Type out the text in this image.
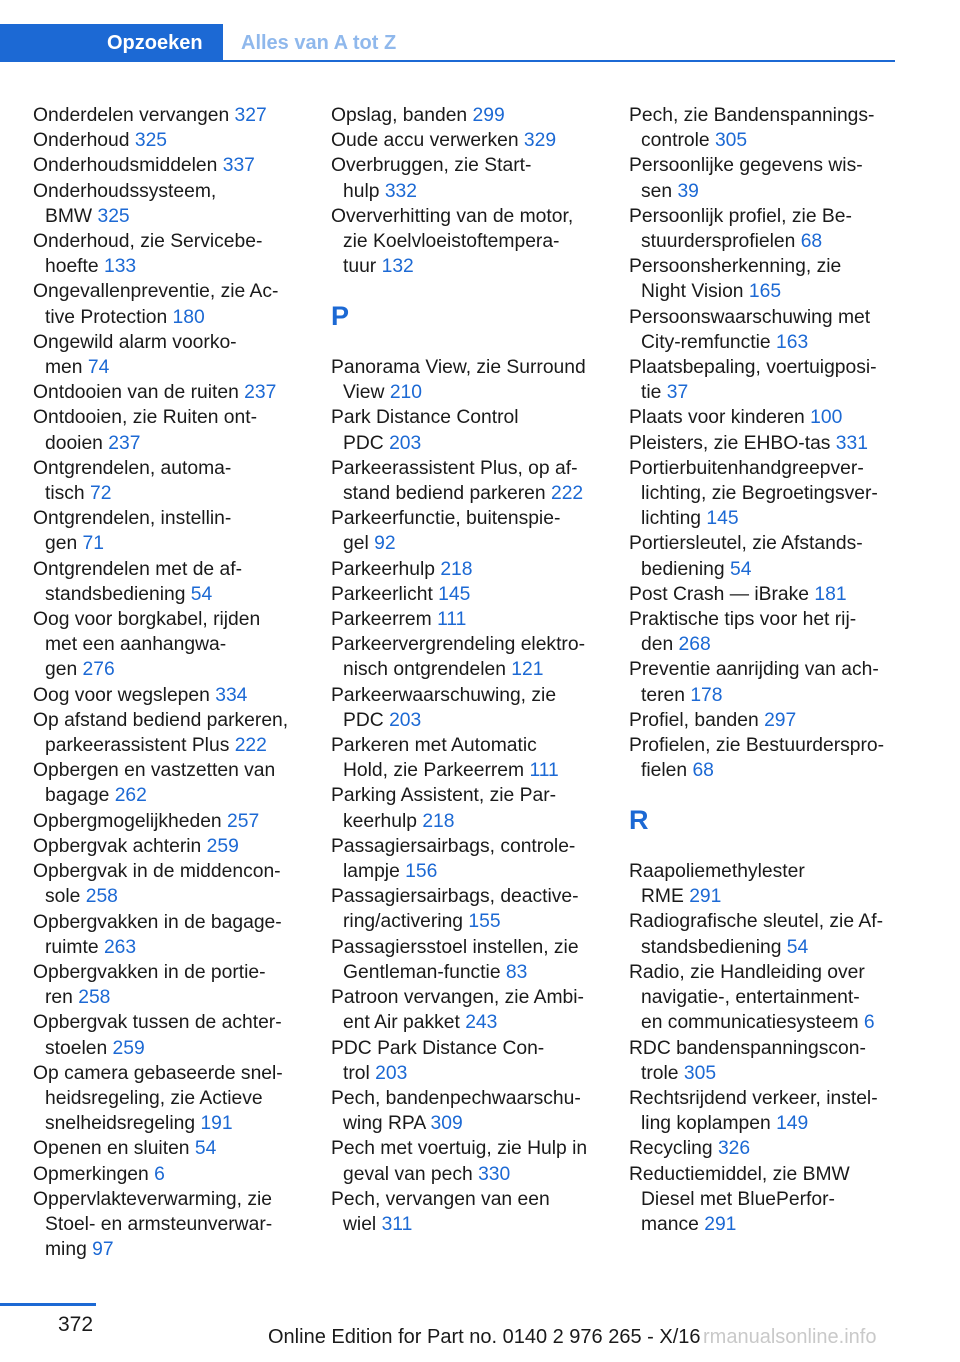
Opzoeken	Alles van A tot Z
Onderdelen vervangen 327
Onderhoud 325
Onderhoudsmiddelen 337
Onderhoudssysteem,
BMW 325
Onderhoud, zie Servicebe-
hoefte 133
Ongevallenpreventie, zie Ac-
tive Protection 180
Ongewild alarm voorko-
men 74
Ontdooien van de ruiten 237
Ontdooien, zie Ruiten ont-
dooien 237
Ontgrendelen, automa-
tisch 72
Ontgrendelen, instellin-
gen 71
Ontgrendelen met de af-
standsbediening 54
Oog voor borgkabel, rijden
met een aanhangwa-
gen 276
Oog voor wegslepen 334
Op afstand bediend parkeren,
parkeerassistent Plus 222
Opbergen en vastzetten van
bagage 262
Opbergmogelijkheden 257
Opbergvak achterin 259
Opbergvak in de middencon-
sole 258
Opbergvakken in de bagage-
ruimte 263
Opbergvakken in de portie-
ren 258
Opbergvak tussen de achter-
stoelen 259
Op camera gebaseerde snel-
heidsregeling, zie Actieve
snelheidsregeling 191
Openen en sluiten 54
Opmerkingen 6
Oppervlakteverwarming, zie
Stoel- en armsteunverwar-
ming 97
Opslag, banden 299
Oude accu verwerken 329
Overbruggen, zie Start-
hulp 332
Oververhitting van de motor,
zie Koelvloeistoftempera-
tuur 132
P
Panorama View, zie Surround
View 210
Park Distance Control
PDC 203
Parkeerassistent Plus, op af-
stand bediend parkeren 222
Parkeerfunctie, buitenspie-
gel 92
Parkeerhulp 218
Parkeerlicht 145
Parkeerrem 111
Parkeervergrendeling elektro-
nisch ontgrendelen 121
Parkeerwaarschuwing, zie
PDC 203
Parkeren met Automatic
Hold, zie Parkeerrem 111
Parking Assistent, zie Par-
keerhulp 218
Passagiersairbags, controle-
lampje 156
Passagiersairbags, deactive-
ring/activering 155
Passagiersstoel instellen, zie
Gentleman-functie 83
Patroon vervangen, zie Ambi-
ent Air pakket 243
PDC Park Distance Con-
trol 203
Pech, bandenpechwaarschu-
wing RPA 309
Pech met voertuig, zie Hulp in
geval van pech 330
Pech, vervangen van een
wiel 311
Pech, zie Bandenspannings-
controle 305
Persoonlijke gegevens wis-
sen 39
Persoonlijk profiel, zie Be-
stuurdersprofielen 68
Persoonsherkenning, zie
Night Vision 165
Persoonswaarschuwing met
City-remfunctie 163
Plaatsbepaling, voertuigposi-
tie 37
Plaats voor kinderen 100
Pleisters, zie EHBO-tas 331
Portierbuitenhandgreepver-
lichting, zie Begroetingsver-
lichting 145
Portiersleutel, zie Afstands-
bediening 54
Post Crash — iBrake 181
Praktische tips voor het rij-
den 268
Preventie aanrijding van ach-
teren 178
Profiel, banden 297
Profielen, zie Bestuurderspro-
fielen 68
R
Raapoliemethylester
RME 291
Radiografische sleutel, zie Af-
standsbediening 54
Radio, zie Handleiding over
navigatie-, entertainment-
en communicatiesysteem 6
RDC bandenspanningscon-
trole 305
Rechtsrijdend verkeer, instel-
ling koplampen 149
Recycling 326
Reductiemiddel, zie BMW
Diesel met BluePerfor-
mance 291
372
Online Edition for Part no. 0140 2 976 265 - X/16 rmanualsonline.info
